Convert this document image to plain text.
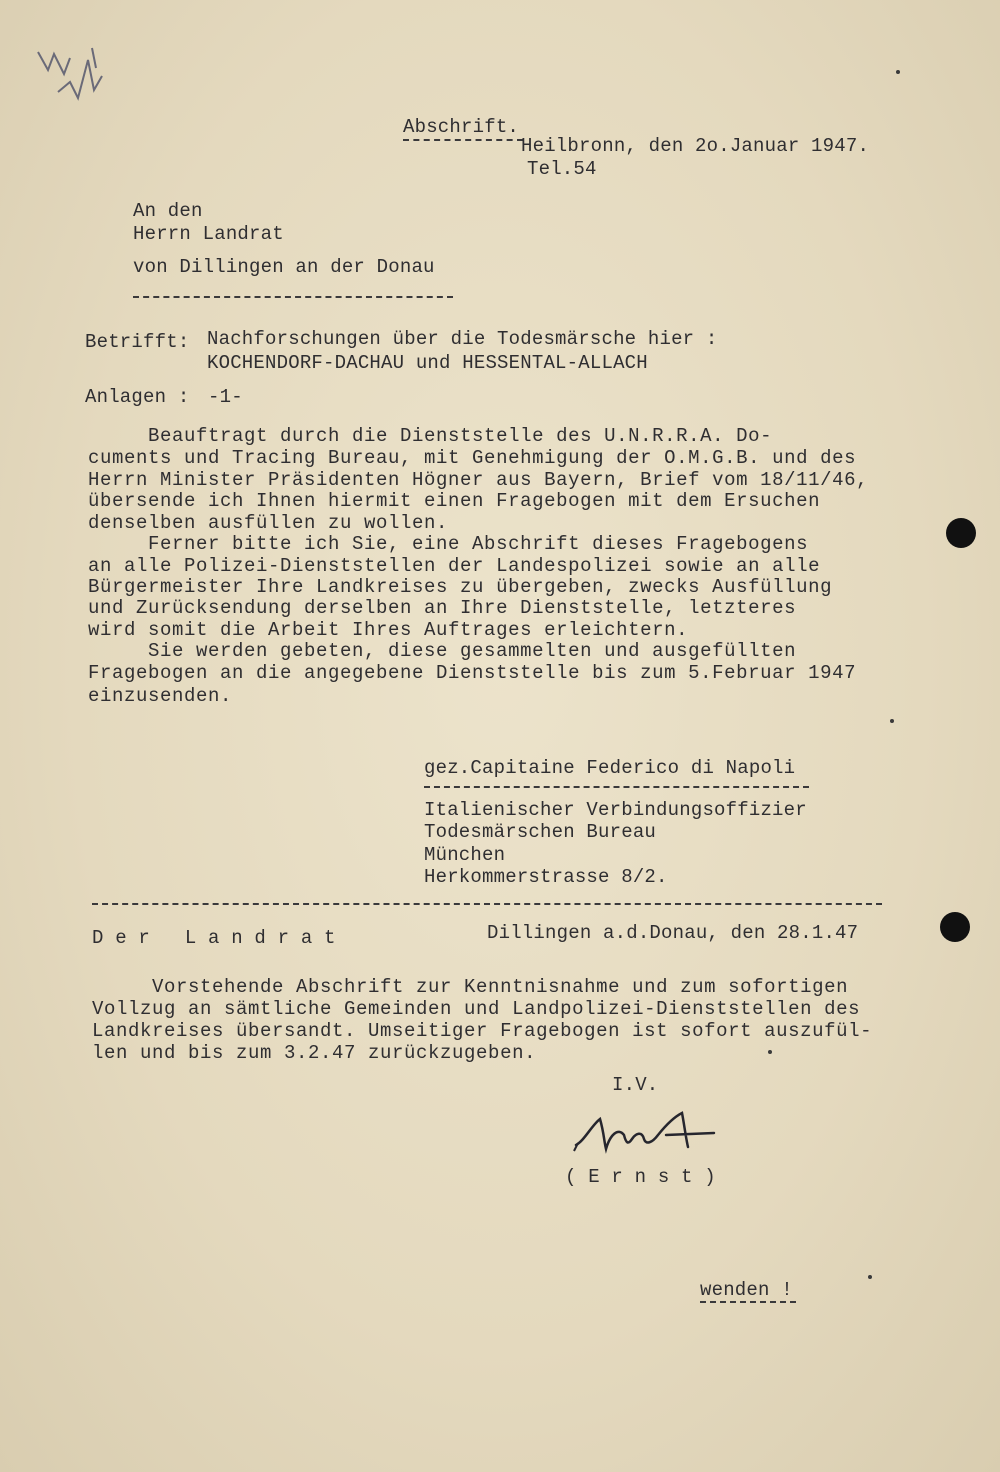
Abschrift.
Heilbronn, den 2o.Januar 1947.
Tel.54
An den
Herrn Landrat
von Dillingen an der Donau
Betrifft: Nachforschungen über die Todesmärsche hier :
KOCHENDORF-DACHAU und HESSENTAL-ALLACH
Anlagen : -1-
Beauftragt durch die Dienststelle des U.N.R.R.A. Do-
cuments und Tracing Bureau, mit Genehmigung der O.M.G.B. und des
Herrn Minister Präsidenten Högner aus Bayern, Brief vom 18/11/46,
übersende ich Ihnen hiermit einen Fragebogen mit dem Ersuchen
denselben ausfüllen zu wollen.
Ferner bitte ich Sie, eine Abschrift dieses Fragebogens
an alle Polizei-Dienststellen der Landespolizei sowie an alle
Bürgermeister Ihre Landkreises zu übergeben, zwecks Ausfüllung
und Zurücksendung derselben an Ihre Dienststelle, letzteres
wird somit die Arbeit Ihres Auftrages erleichtern.
Sie werden gebeten, diese gesammelten und ausgefüllten
Fragebogen an die angegebene Dienststelle bis zum 5.Februar 1947
einzusenden.
gez.Capitaine Federico di Napoli
Italienischer Verbindungsoffizier
Todesmärschen Bureau
München
Herkommerstrasse 8/2.
D e r   L a n d r a t	Dillingen a.d.Donau, den 28.1.47
Vorstehende Abschrift zur Kenntnisnahme und zum sofortigen
Vollzug an sämtliche Gemeinden und Landpolizei-Dienststellen des
Landkreises übersandt. Umseitiger Fragebogen ist sofort auszufül-
len und bis zum 3.2.47 zurückzugeben.
I.V.
( E r n s t )
wenden !
